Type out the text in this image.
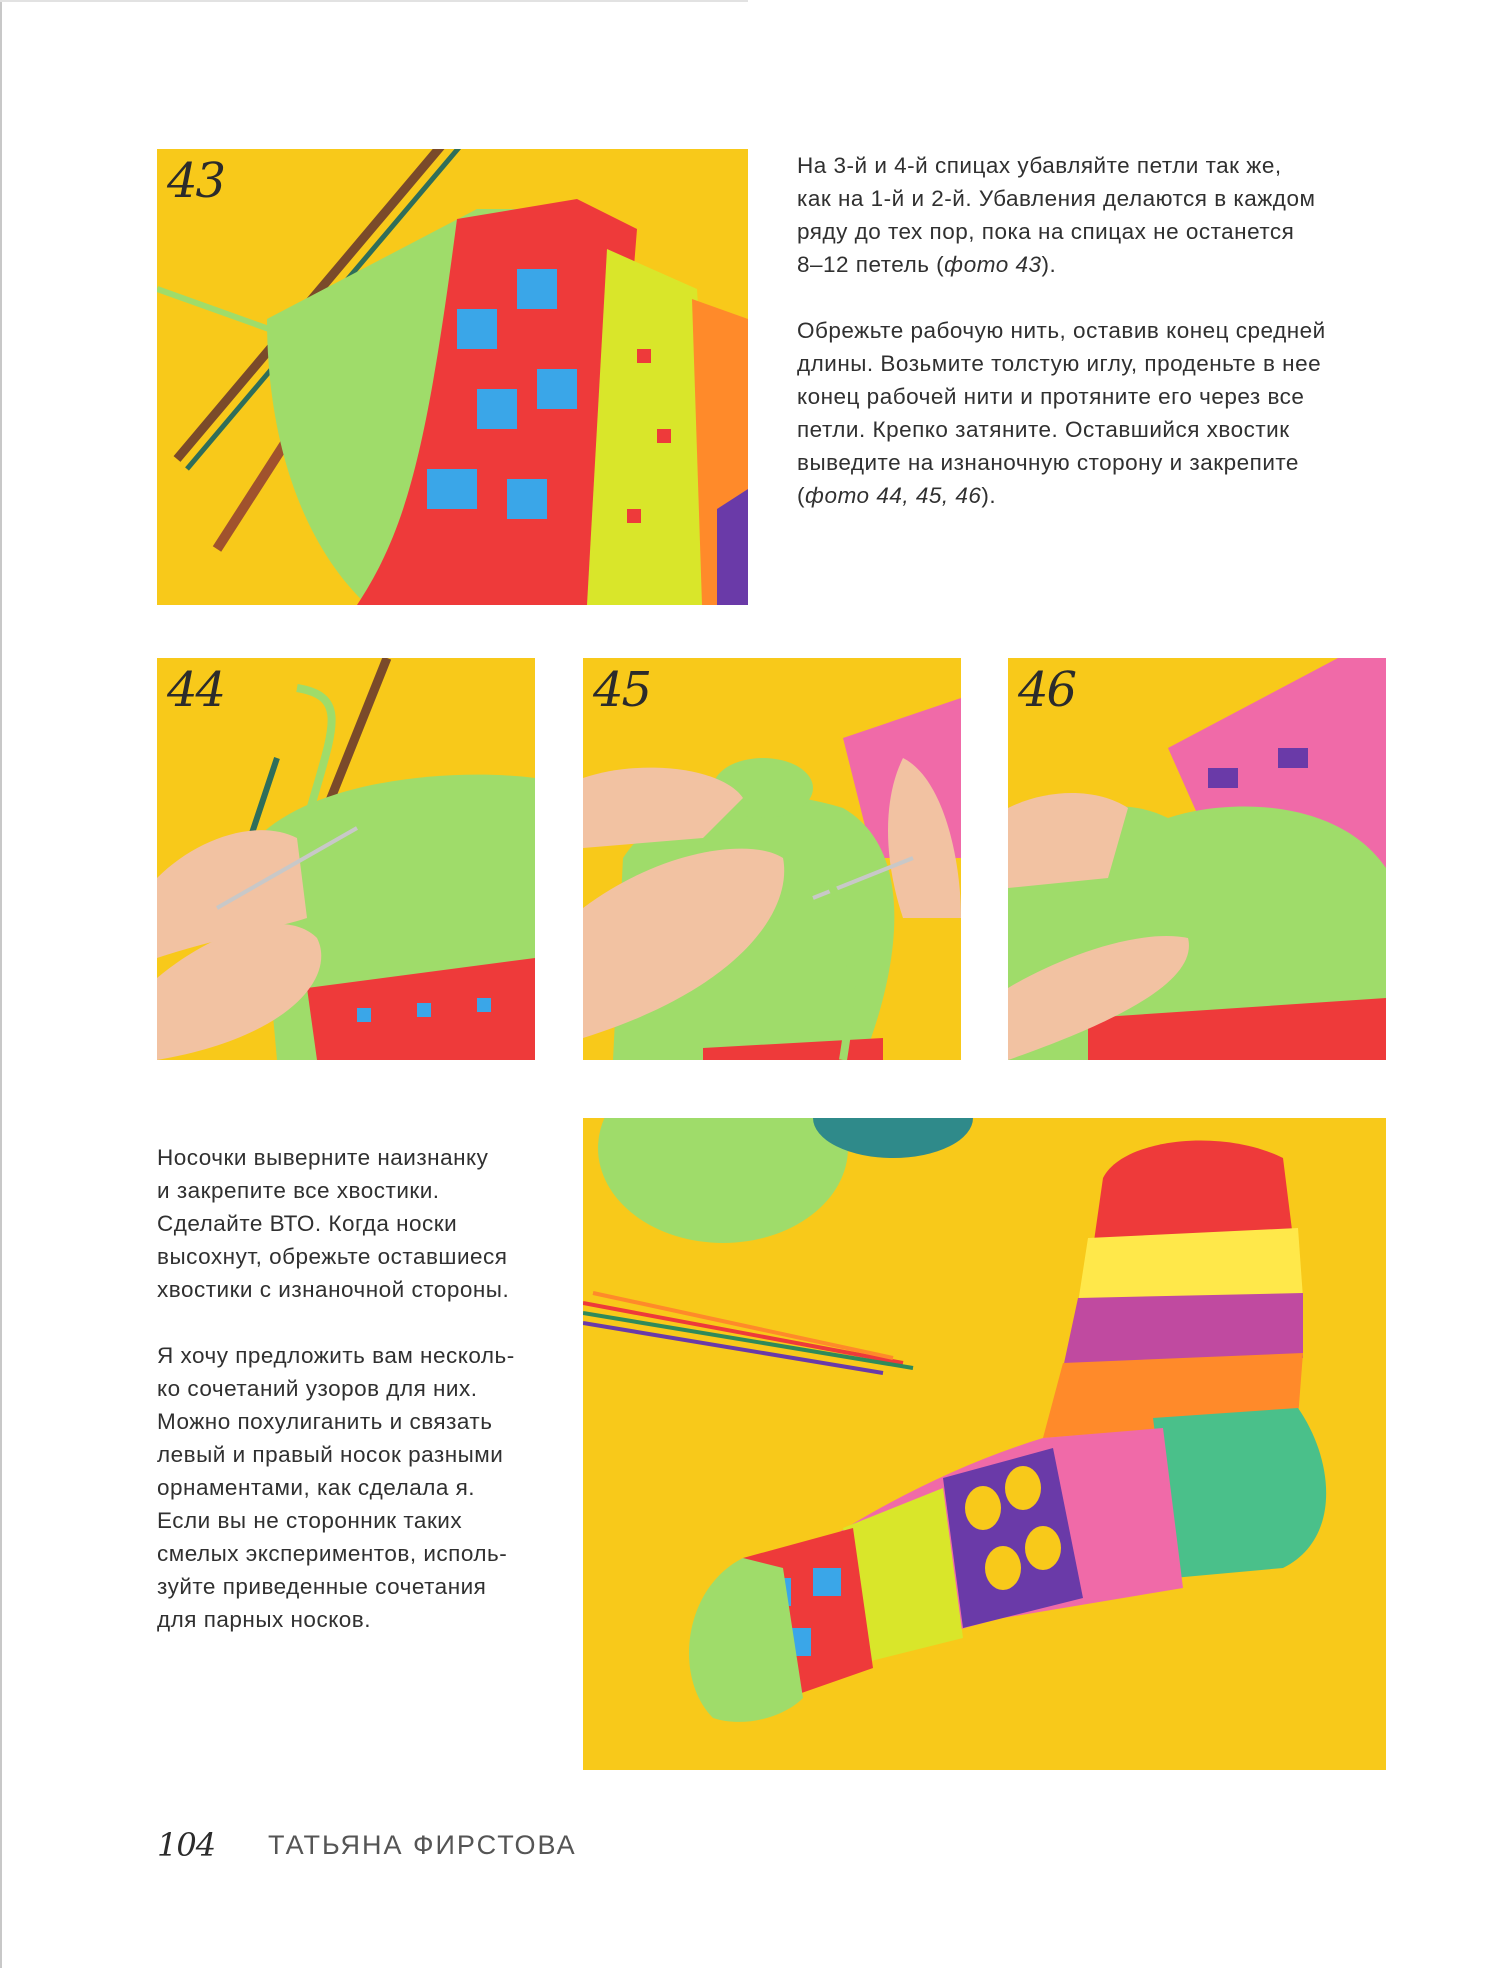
43	На 3-й и 4-й спицах убавляйте петли так же,
как на 1-й и 2-й. Убавления делаются в каждом
ряду до тех пор, пока на спицах не останется
8–12 петель (фото 43).

Обрежьте рабочую нить, оставив конец средней
длины. Возьмите толстую иглу, проденьте в нее
конец рабочей нити и протяните его через все
петли. Крепко затяните. Оставшийся хвостик
выведите на изнаночную сторону и закрепите
(фото 44, 45, 46).

44	45	46

Носочки выверните наизнанку
и закрепите все хвостики.
Сделайте ВТО. Когда носки
высохнут, обрежьте оставшиеся
хвостики с изнаночной стороны.

Я хочу предложить вам несколь-
ко сочетаний узоров для них.
Можно похулиганить и связать
левый и правый носок разными
орнаментами, как сделала я.
Если вы не сторонник таких
смелых экспериментов, исполь-
зуйте приведенные сочетания
для парных носков.

104 ТАТЬЯНА ФИРСТОВА
